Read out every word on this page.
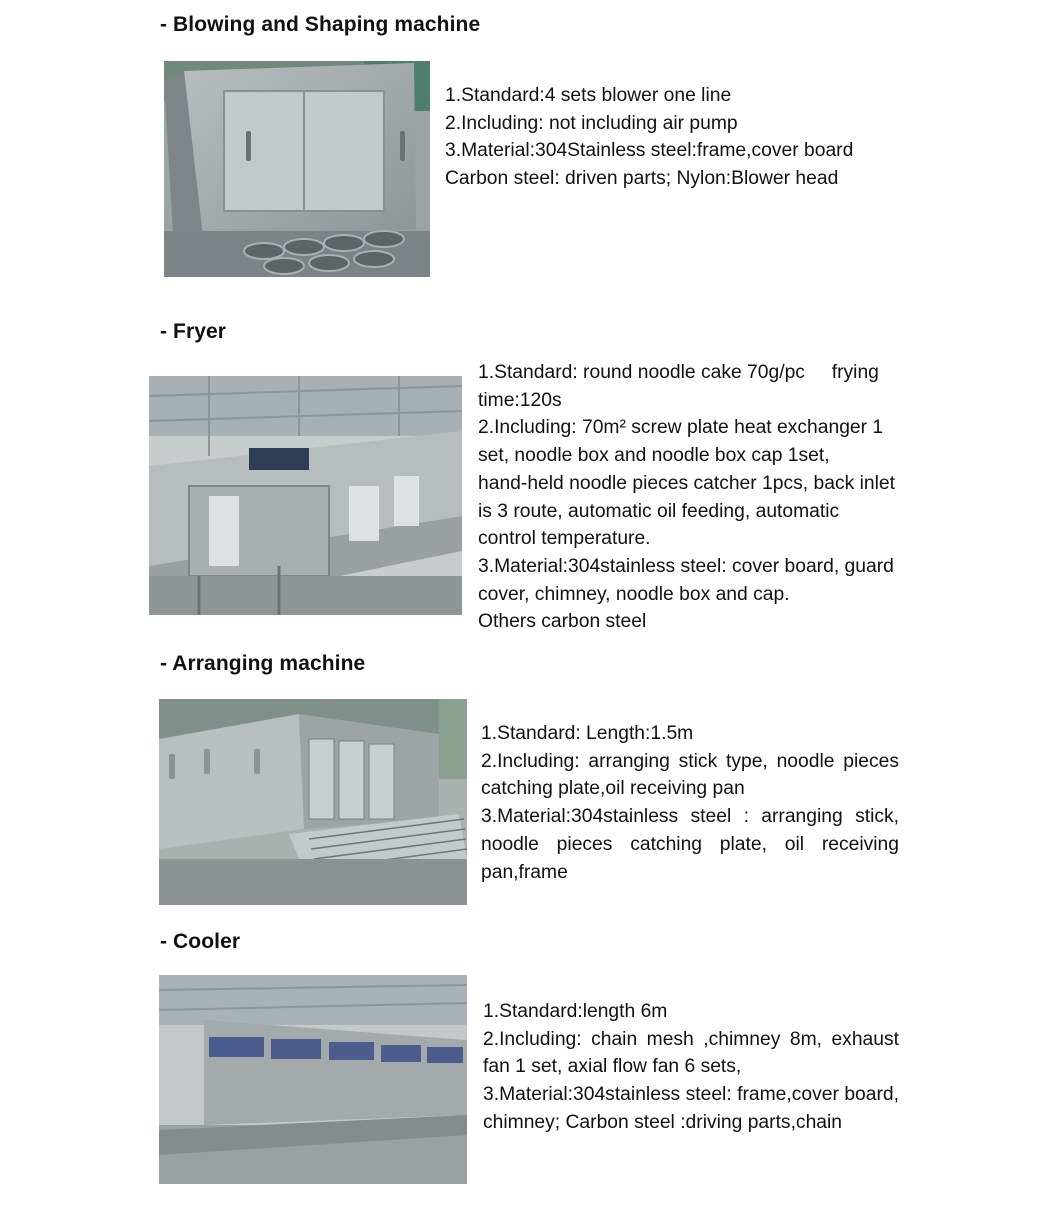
- Blowing and Shaping machine

1.Standard:4 sets blower one line

2.Including: not including air pump

3.Material:304Stainless steel:frame,cover board

Carbon steel: driven parts; Nylon:Blower head

- Fryer

1.Standard: round noodle cake 70g/pc     frying

time:120s

2.Including: 70m² screw plate heat exchanger 1

set, noodle box and noodle box cap 1set,

hand-held noodle pieces catcher 1pcs, back inlet

is 3 route, automatic oil feeding, automatic

control temperature.

3.Material:304stainless steel: cover board, guard

cover, chimney, noodle box and cap.

Others carbon steel

- Arranging machine

1.Standard: Length:1.5m

2.Including: arranging stick type, noodle pieces catching plate,oil receiving pan

3.Material:304stainless steel : arranging stick, noodle pieces catching plate, oil receiving pan,frame

- Cooler

1.Standard:length 6m

2.Including: chain mesh ,chimney 8m, exhaust fan 1 set, axial flow fan 6 sets,

3.Material:304stainless steel: frame,cover board, chimney; Carbon steel :driving parts,chain
